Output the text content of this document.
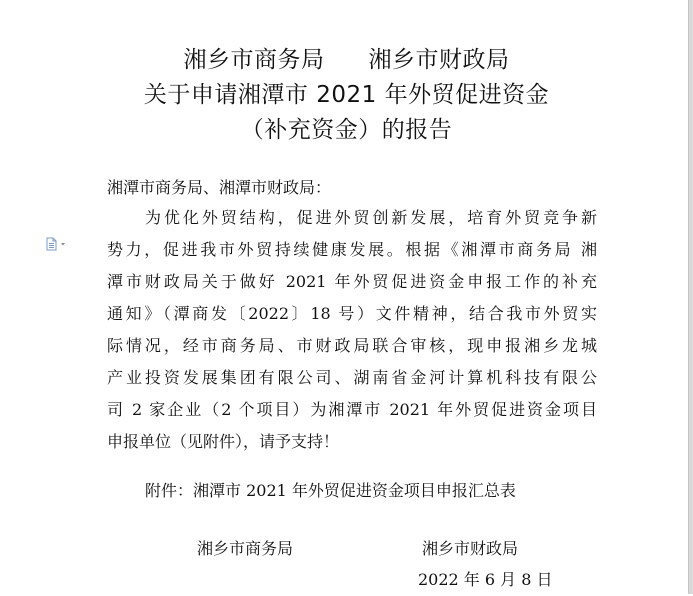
湘乡市商务局 湘乡市财政局
关于申请湘潭市 2021 年外贸促进资金
（补充资金）的报告
湘潭市商务局、湘潭市财政局：
为优化外贸结构，促进外贸创新发展，培育外贸竞争新
势力，促进我市外贸持续健康发展。根据《湘潭市商务局 湘
潭市财政局关于做好 2021 年外贸促进资金申报工作的补充
通知》（潭商发〔2022〕18 号）文件精神，结合我市外贸实
际情况，经市商务局、市财政局联合审核，现申报湘乡龙城
产业投资发展集团有限公司、湖南省金河计算机科技有限公
司 2 家企业（2 个项目）为湘潭市 2021 年外贸促进资金项目
申报单位（见附件），请予支持！
附件：湘潭市 2021 年外贸促进资金项目申报汇总表
湘乡市商务局	湘乡市财政局
2022 年 6 月 8 日
